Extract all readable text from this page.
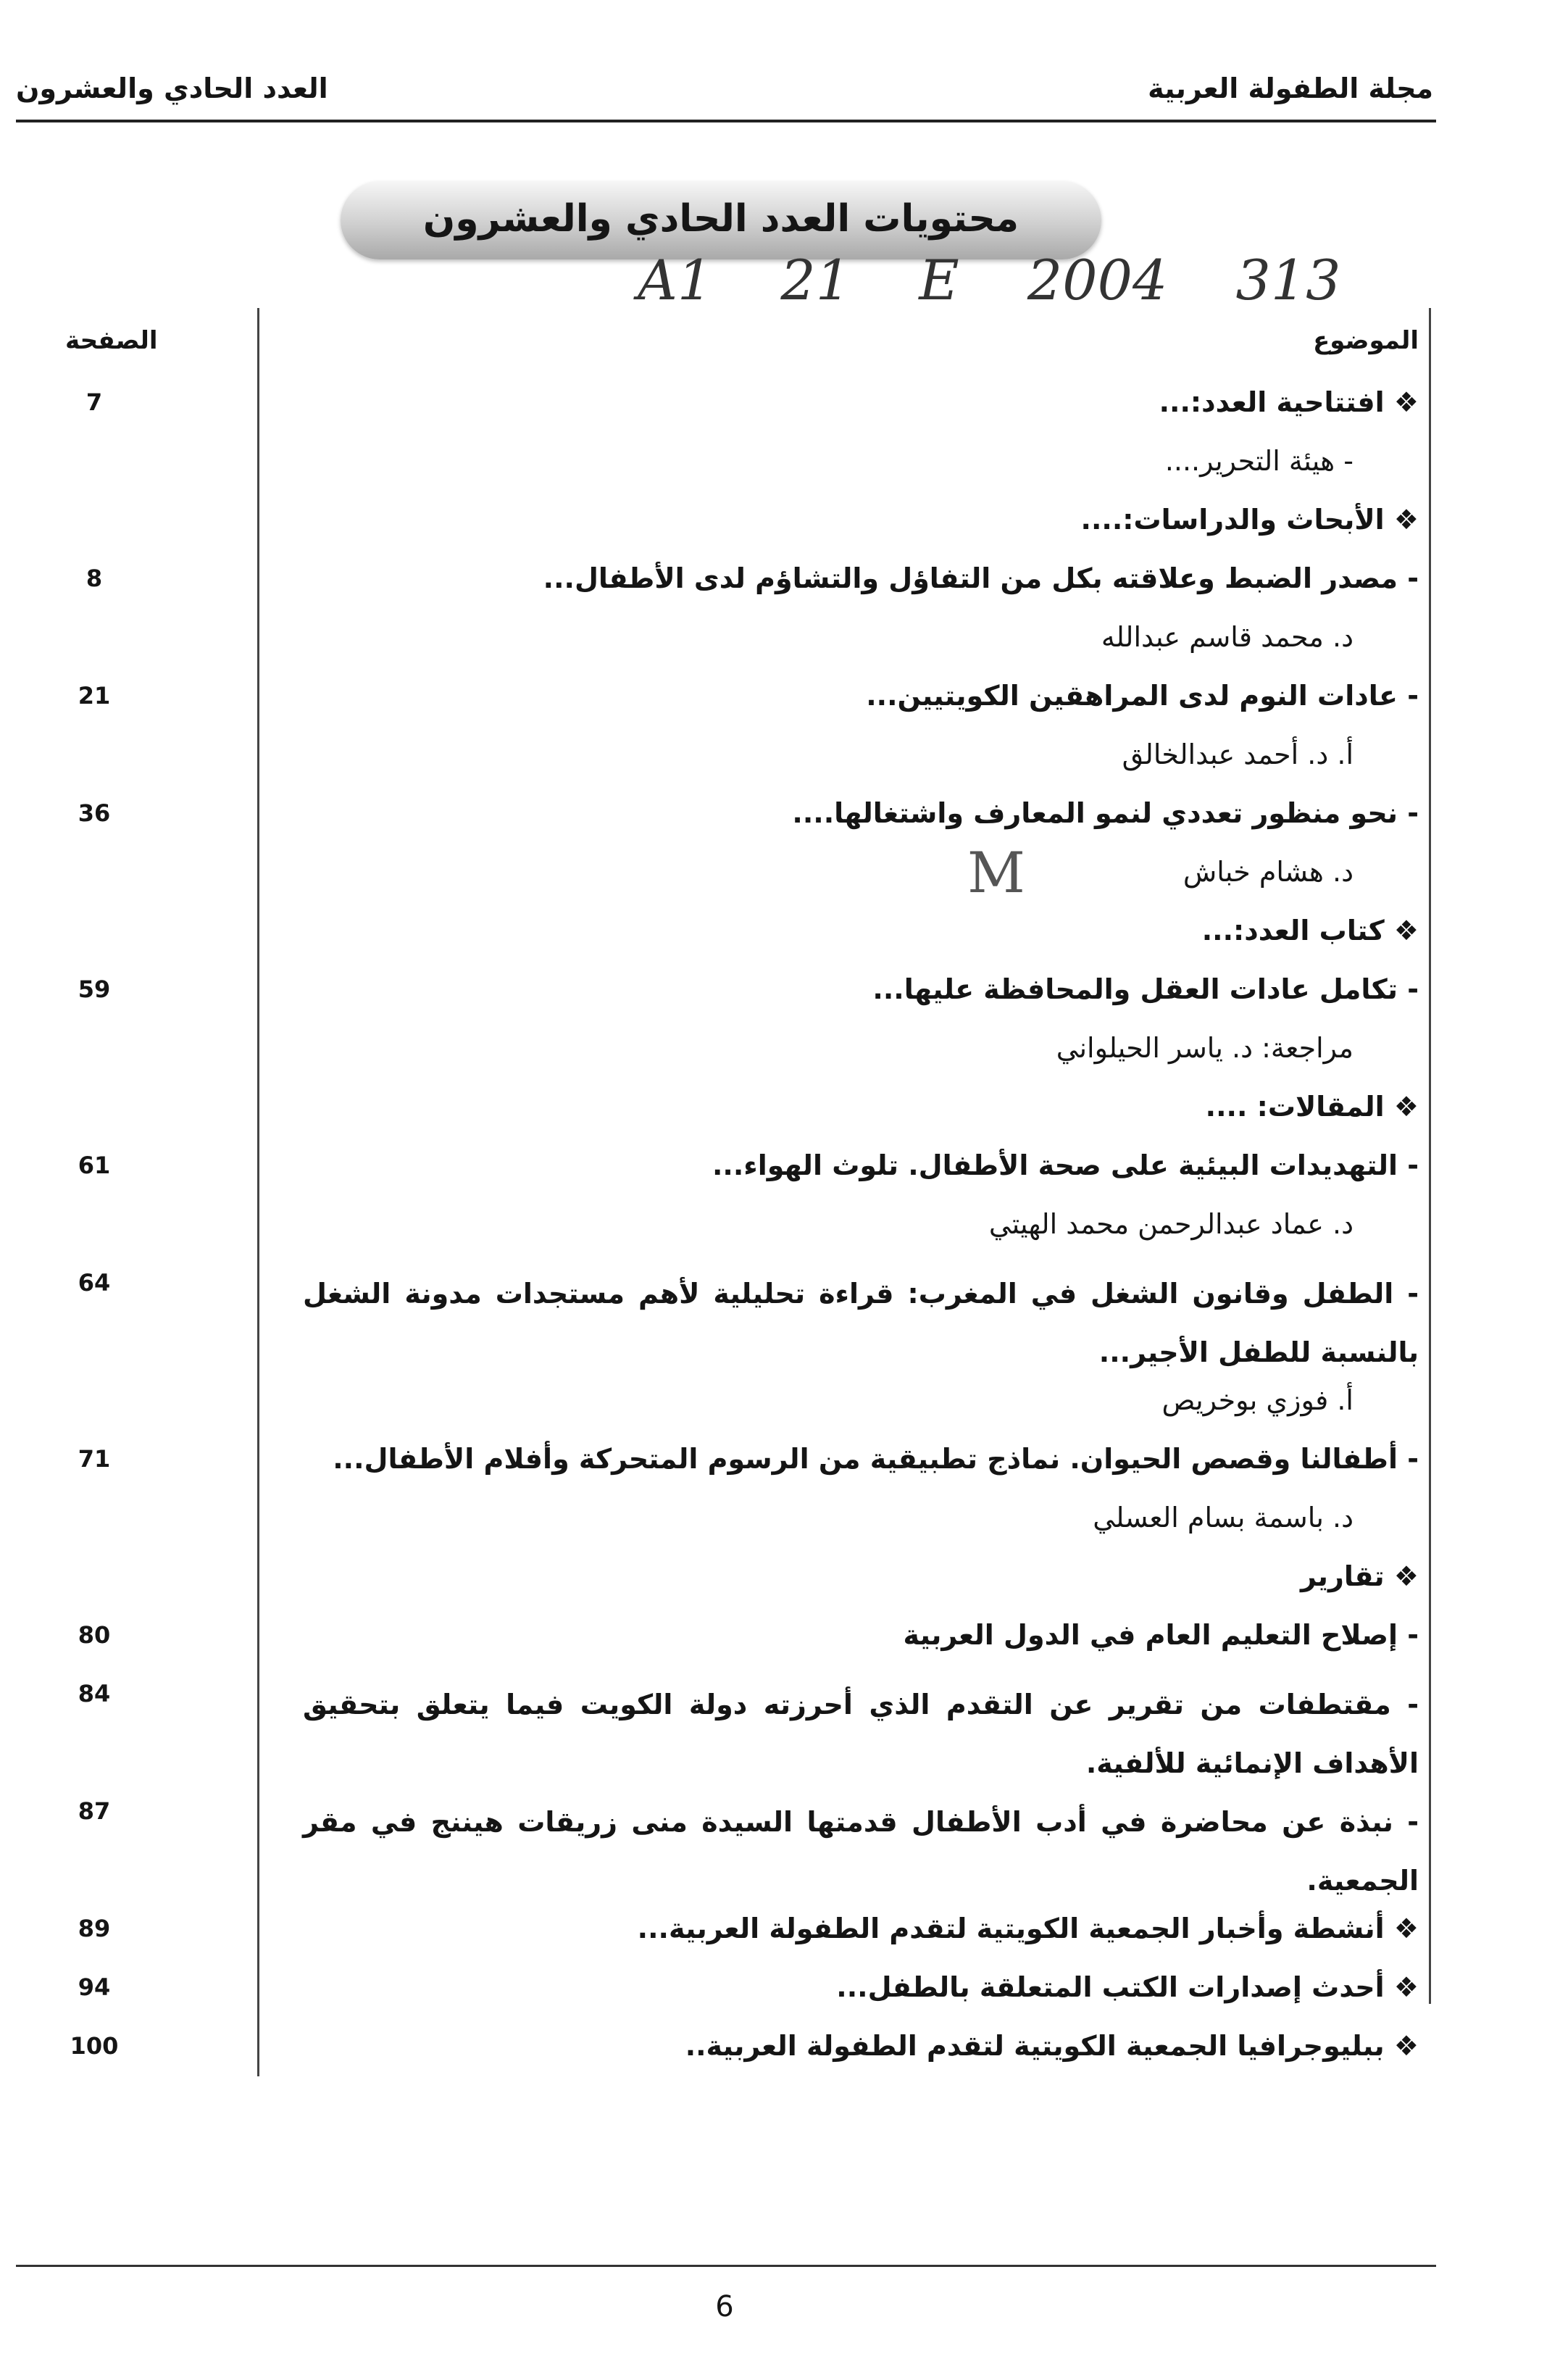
مجلة الطفولة العربية
العدد الحادي والعشرون
محتويات العدد الحادي والعشرون
A1 21 E 2004 313
M
الموضوع
الصفحة
❖ افتتاحية العدد:...
7
- هيئة التحرير....
❖ الأبحاث والدراسات:....
- مصدر الضبط وعلاقته بكل من التفاؤل والتشاؤم لدى الأطفال...
8
د. محمد قاسم عبدالله
- عادات النوم لدى المراهقين الكويتيين...
21
أ. د. أحمد عبدالخالق
- نحو منظور تعددي لنمو المعارف واشتغالها....
36
د. هشام خباش
❖ كتاب العدد:...
- تكامل عادات العقل والمحافظة عليها...
59
مراجعة: د. ياسر الحيلواني
❖ المقالات: ....
- التهديدات البيئية على صحة الأطفال. تلوث الهواء...
61
د. عماد عبدالرحمن محمد الهيتي
- الطفل وقانون الشغل في المغرب: قراءة تحليلية لأهم مستجدات مدونة الشغل بالنسبة للطفل الأجير...
64
أ. فوزي بوخريص
- أطفالنا وقصص الحيوان. نماذج تطبيقية من الرسوم المتحركة وأفلام الأطفال...
71
د. باسمة بسام العسلي
❖ تقارير
- إصلاح التعليم العام في الدول العربية
80
- مقتطفات من تقرير عن التقدم الذي أحرزته دولة الكويت فيما يتعلق بتحقيق الأهداف الإنمائية للألفية.
84
- نبذة عن محاضرة في أدب الأطفال قدمتها السيدة منى زريقات هيننج في مقر الجمعية.
87
❖ أنشطة وأخبار الجمعية الكويتية لتقدم الطفولة العربية...
89
❖ أحدث إصدارات الكتب المتعلقة بالطفل...
94
❖ ببليوجرافيا الجمعية الكويتية لتقدم الطفولة العربية..
100
6
